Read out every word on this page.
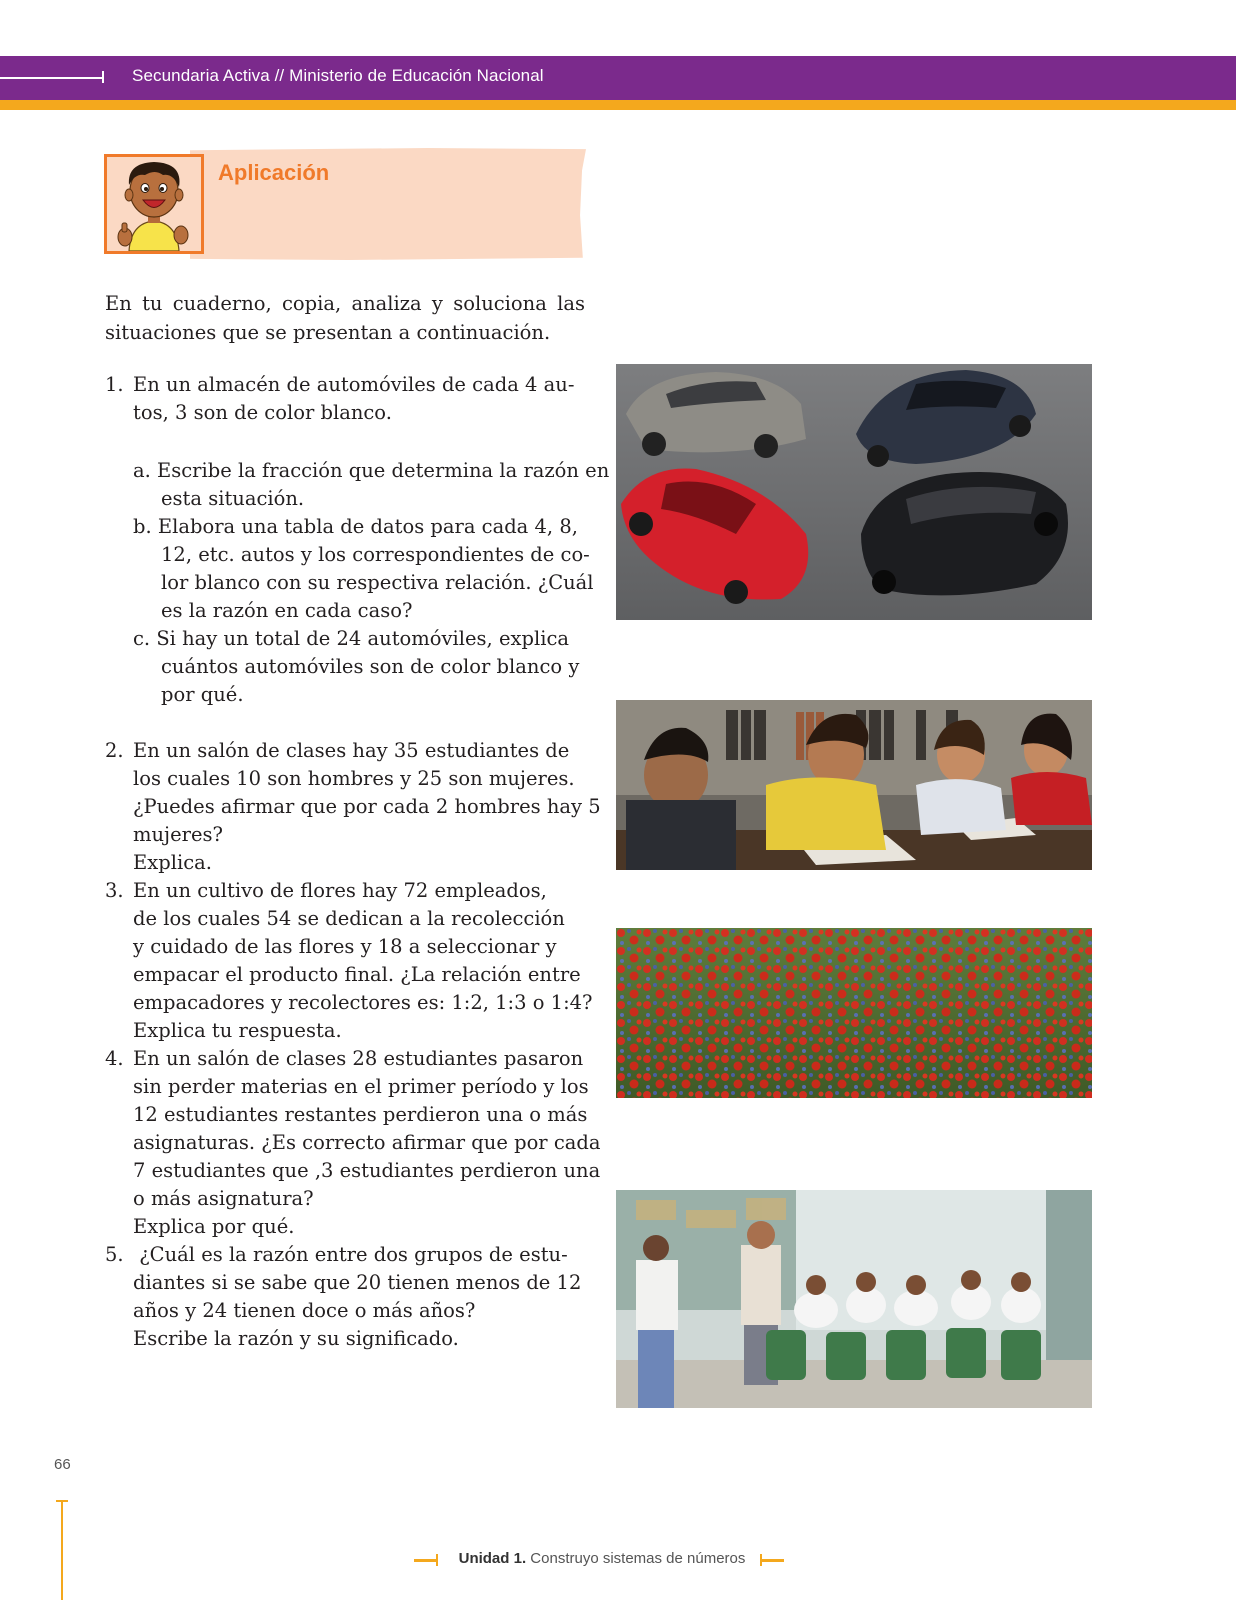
Secundaria Activa // Ministerio de Educación Nacional
Aplicación
En tu cuaderno, copia, analiza y soluciona las situaciones que se presentan a continuación.
1. En un almacén de automóviles de cada 4 au-
tos, 3 son de color blanco.
a. Escribe la fracción que determina la razón en
esta situación.
b. Elabora una tabla de datos para cada 4, 8,
12, etc. autos y los correspondientes de co-
lor blanco con su respectiva relación. ¿Cuál
es la razón en cada caso?
c. Si hay un total de 24 automóviles, explica
cuántos automóviles son de color blanco y
por qué.
2. En un salón de clases hay 35 estudiantes de
los cuales 10 son hombres y 25 son mujeres.
¿Puedes afirmar que por cada 2 hombres hay 5
mujeres?
Explica.
3. En un cultivo de flores hay 72 empleados,
de los cuales 54 se dedican a la recolección
y cuidado de las flores y 18 a seleccionar y
empacar el producto final. ¿La relación entre
empacadores y recolectores es: 1:2, 1:3 o 1:4?
Explica tu respuesta.
4. En un salón de clases 28 estudiantes pasaron
sin perder materias en el primer período y los
12 estudiantes restantes perdieron una o más
asignaturas. ¿Es correcto afirmar que por cada
7 estudiantes que ,3 estudiantes perdieron una
o más asignatura?
Explica por qué.
5. ¿Cuál es la razón entre dos grupos de estu-
diantes si se sabe que 20 tienen menos de 12
años y 24 tienen doce o más años?
Escribe la razón y su significado.
66
Unidad 1. Construyo sistemas de números
